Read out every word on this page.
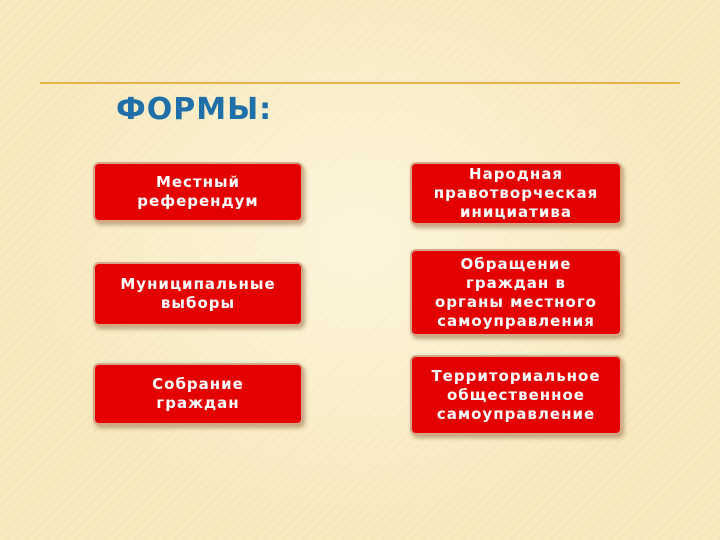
ФОРМЫ:
Местный
референдум
Муниципальные
выборы
Собрание
граждан
Народная
правотворческая
инициатива
Обращение
граждан в
органы местного
самоуправления
Территориальное
общественное
самоуправление
